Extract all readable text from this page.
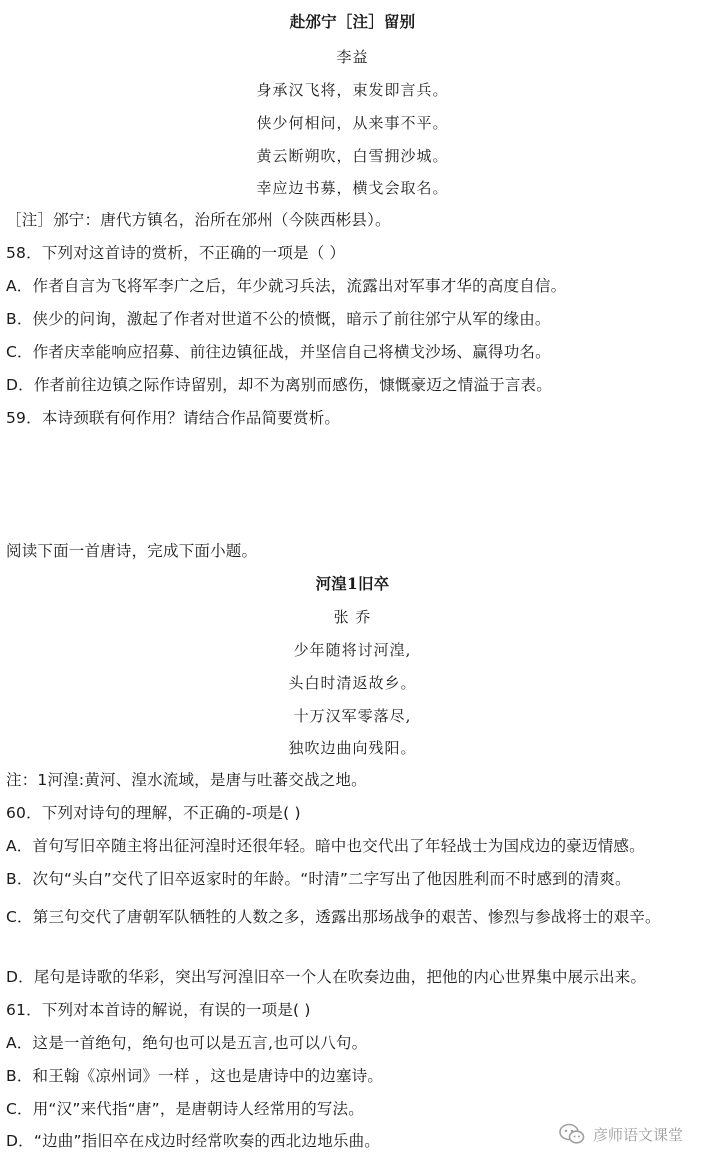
赴邠宁［注］留别
李益
身承汉飞将，束发即言兵。
侠少何相问，从来事不平。
黄云断朔吹，白雪拥沙城。
幸应边书募，横戈会取名。
［注］邠宁：唐代方镇名，治所在邠州（今陕西彬县）。
58．下列对这首诗的赏析，不正确的一项是（ ）
A．作者自言为飞将军李广之后，年少就习兵法，流露出对军事才华的高度自信。
B．侠少的问询，激起了作者对世道不公的愤慨，暗示了前往邠宁从军的缘由。
C．作者庆幸能响应招募、前往边镇征战，并坚信自己将横戈沙场、赢得功名。
D．作者前往边镇之际作诗留别，却不为离别而感伤，慷慨豪迈之情溢于言表。
59．本诗颈联有何作用？请结合作品简要赏析。
阅读下面一首唐诗，完成下面小题。
河湟1旧卒
张 乔
少年随将讨河湟,
头白时清返故乡。
十万汉军零落尽,
独吹边曲向残阳。
注：1河湟:黄河、湟水流域，是唐与吐蕃交战之地。
60．下列对诗句的理解，不正确的-项是( )
A．首句写旧卒随主将出征河湟时还很年轻。暗中也交代出了年轻战士为国戍边的豪迈情感。
B．次句“头白”交代了旧卒返家时的年龄。“时清”二字写出了他因胜利而不时感到的清爽。
C．第三句交代了唐朝军队牺牲的人数之多，透露出那场战争的艰苦、惨烈与参战将士的艰辛。
D．尾句是诗歌的华彩，突出写河湟旧卒一个人在吹奏边曲，把他的内心世界集中展示出来。
61．下列对本首诗的解说，有误的一项是( )
A．这是一首绝句，绝句也可以是五言,也可以八句。
B．和王翰《凉州词》一样 ，这也是唐诗中的边塞诗。
C．用“汉”来代指“唐”，是唐朝诗人经常用的写法。
D．“边曲”指旧卒在戍边时经常吹奏的西北边地乐曲。	彦师语文课堂
